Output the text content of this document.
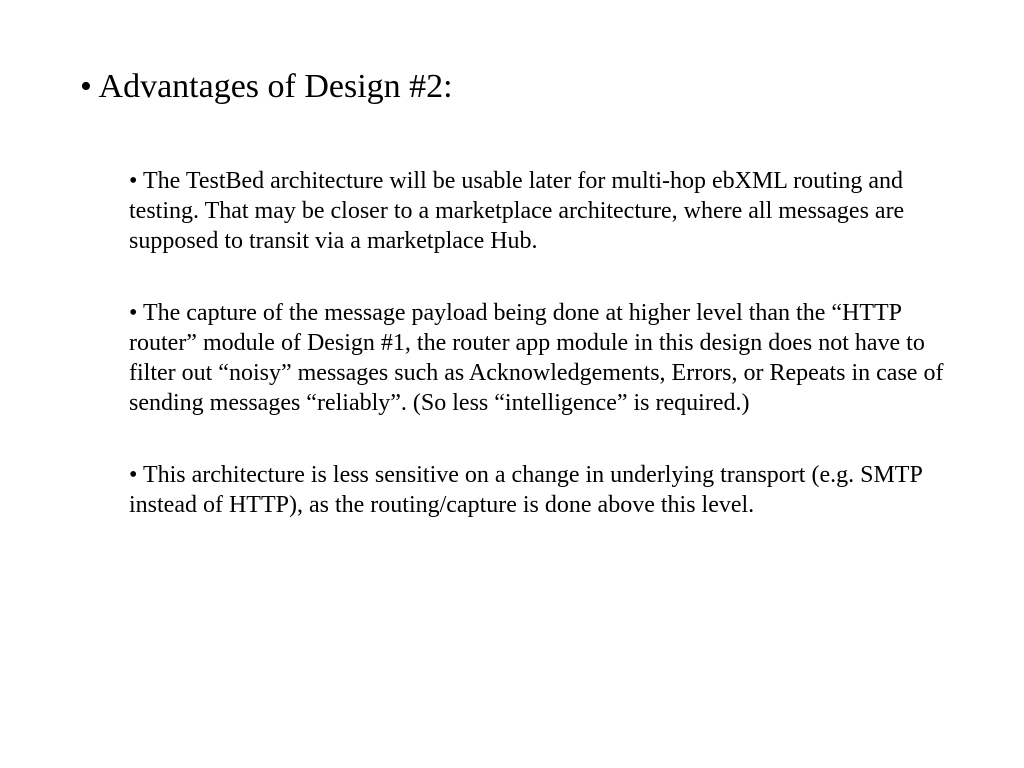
• Advantages of Design #2:
• The TestBed architecture will be usable later for multi-hop ebXML routing and testing. That may be closer to a marketplace architecture, where all messages are supposed to transit via a marketplace Hub.
• The capture of the message payload being done at higher level than the “HTTP router” module of Design #1, the router app module in this design does not have to filter out “noisy” messages such as Acknowledgements, Errors, or Repeats in case of sending messages “reliably”. (So less “intelligence” is required.)
• This architecture is less sensitive on a change in underlying transport (e.g. SMTP instead of HTTP), as the routing/capture is done above this level.
